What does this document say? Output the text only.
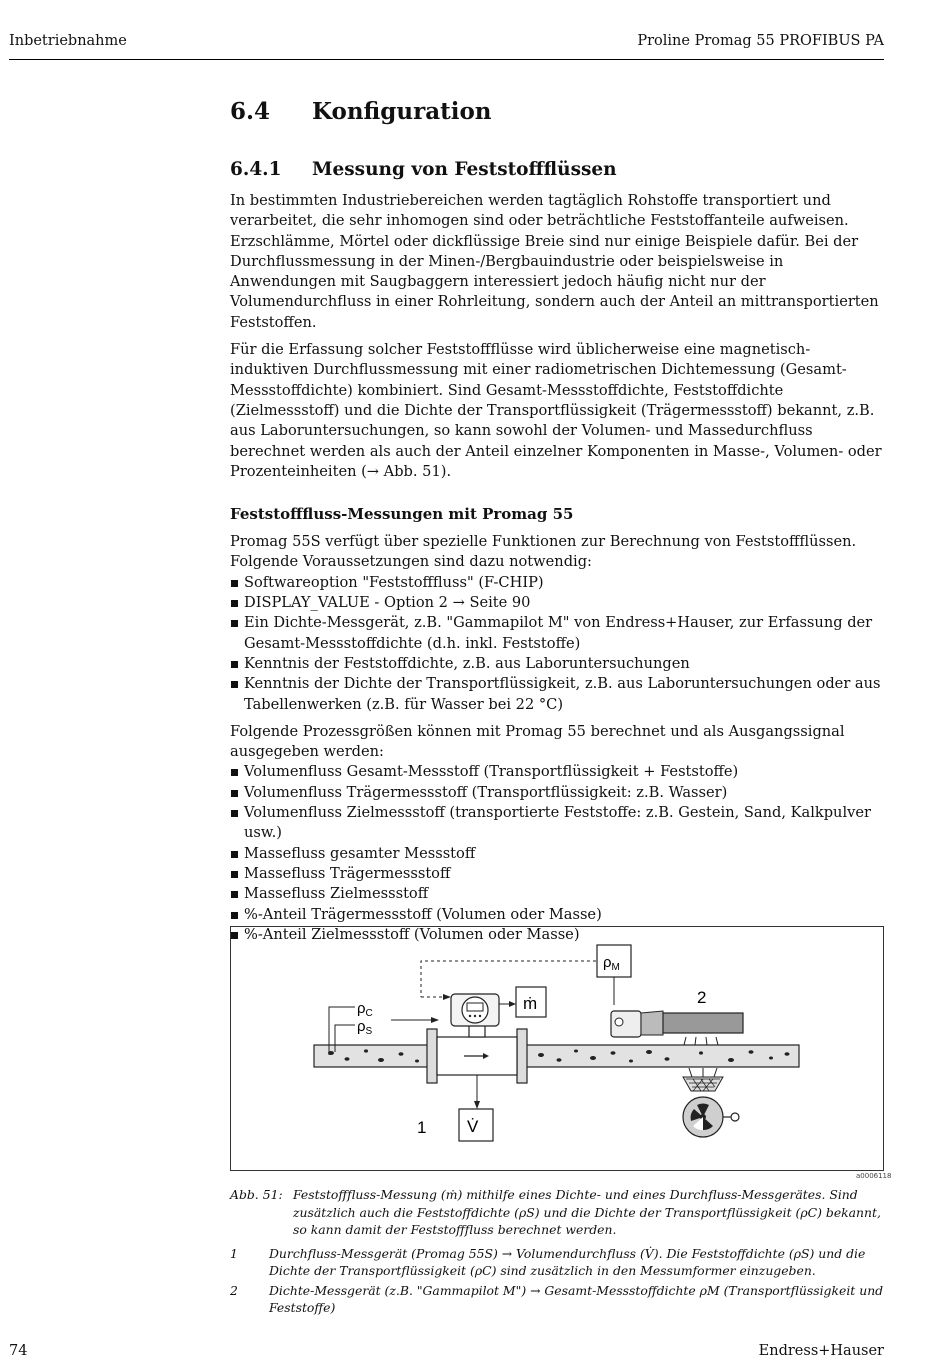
Inbetriebnahme	Proline Promag 55 PROFIBUS PA
6.4 Konfiguration
6.4.1 Messung von Feststoffflüssen

In bestimmten Industriebereichen werden tagtäglich Rohstoffe transportiert und verarbeitet, die sehr inhomogen sind oder beträchtliche Feststoffanteile aufweisen. Erzschlämme, Mörtel oder dickflüssige Breie sind nur einige Beispiele dafür. Bei der Durchflussmessung in der Minen-/Bergbauindustrie oder beispielsweise in Anwendungen mit Saugbaggern interessiert jedoch häufig nicht nur der Volumendurchfluss in einer Rohrleitung, sondern auch der Anteil an mittransportierten Feststoffen.

Für die Erfassung solcher Feststoffflüsse wird üblicherweise eine magnetisch-induktiven Durchflussmessung mit einer radiometrischen Dichtemessung (Gesamt-Messstoffdichte) kombiniert. Sind Gesamt-Messstoffdichte, Feststoffdichte (Zielmessstoff) und die Dichte der Transportflüssigkeit (Trägermessstoff) bekannt, z.B. aus Laboruntersuchungen, so kann sowohl der Volumen- und Massedurchfluss berechnet werden als auch der Anteil einzelner Komponenten in Masse-, Volumen- oder Prozenteinheiten (→ Abb. 51).

Feststofffluss-Messungen mit Promag 55

Promag 55S verfügt über spezielle Funktionen zur Berechnung von Feststoffflüssen. Folgende Voraussetzungen sind dazu notwendig:

Softwareoption "Feststofffluss" (F-CHIP)
DISPLAY_VALUE - Option 2 → Seite 90
Ein Dichte-Messgerät, z.B. "Gammapilot M" von Endress+Hauser, zur Erfassung der Gesamt-Messstoffdichte (d.h. inkl. Feststoffe)
Kenntnis der Feststoffdichte, z.B. aus Laboruntersuchungen
Kenntnis der Dichte der Transportflüssigkeit, z.B. aus Laboruntersuchungen oder aus Tabellenwerken (z.B. für Wasser bei 22 °C)

Folgende Prozessgrößen können mit Promag 55 berechnet und als Ausgangssignal ausgegeben werden:

Volumenfluss Gesamt-Messstoff (Transportflüssigkeit + Feststoffe)
Volumenfluss Trägermessstoff (Transportflüssigkeit: z.B. Wasser)
Volumenfluss Zielmessstoff (transportierte Feststoffe: z.B. Gestein, Sand, Kalkpulver usw.)
Massefluss gesamter Messstoff
Massefluss Trägermessstoff
Massefluss Zielmessstoff
%-Anteil Trägermessstoff (Volumen oder Masse)
%-Anteil Zielmessstoff (Volumen oder Masse)
$\rho_C$
$\rho_S$
$\rho_M$
ṁ
V̇
1
2
a0006118
Abb. 51: Feststofffluss-Messung (ṁ) mithilfe eines Dichte- und eines Durchfluss-Messgerätes. Sind zusätzlich auch die Feststoffdichte (ρS) und die Dichte der Transportflüssigkeit (ρC) bekannt, so kann damit der Feststofffluss berechnet werden.
1	Durchfluss-Messgerät (Promag 55S) → Volumendurchfluss (V̇). Die Feststoffdichte (ρS) und die Dichte der Transportflüssigkeit (ρC) sind zusätzlich in den Messumformer einzugeben.
2	Dichte-Messgerät (z.B. "Gammapilot M") → Gesamt-Messstoffdichte ρM (Transportflüssigkeit und Feststoffe)
74	Endress+Hauser
